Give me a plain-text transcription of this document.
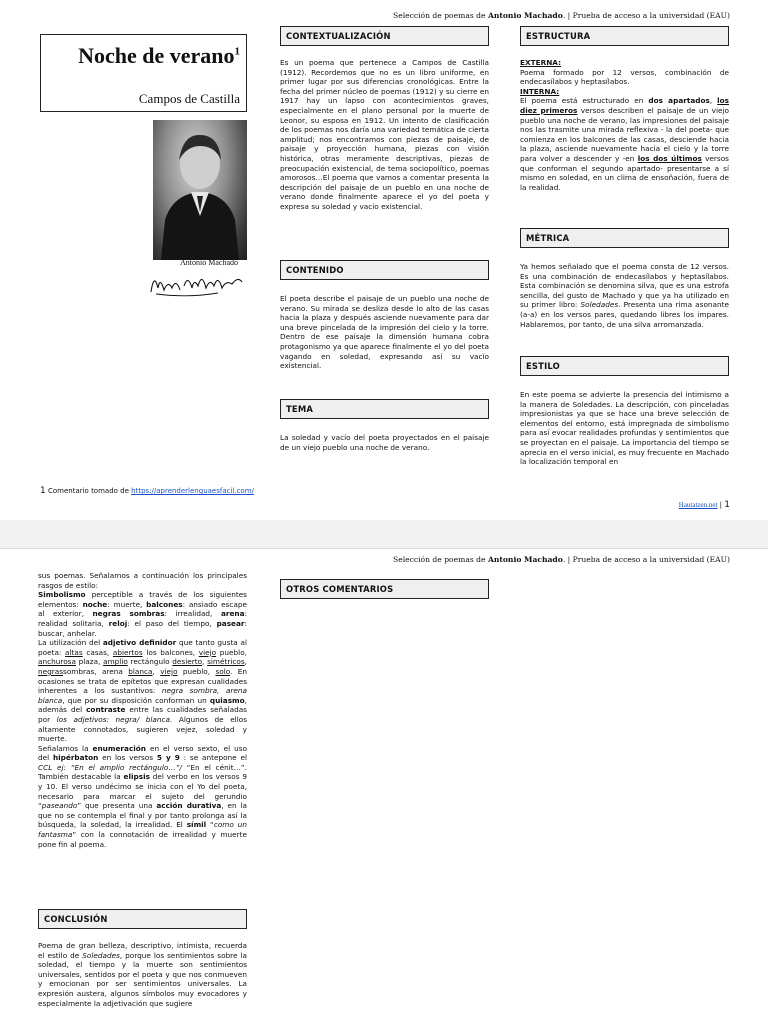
Selección de poemas de Antonio Machado. | Prueba de acceso a la universidad (EAU)
Noche de verano$^1$
Campos de Castilla
Antonio Machado
CONTEXTUALIZACIÓN
Es un poema que pertenece a Campos de Castilla (1912). Recordemos que no es un libro uniforme, en primer lugar por sus diferencias cronológicas. Entre la fecha del primer núcleo de poemas (1912) y su cierre en 1917 hay un lapso con acontecimientos graves, especialmente en el plano personal por la muerte de Leonor, su esposa en 1912. Un intento de clasificación de los poemas nos daría una variedad temática de cierta amplitud; nos encontramos con piezas de paisaje, de paisaje y proyección humana, piezas con visión histórica, otras meramente descriptivas, piezas de preocupación existencial, de tema sociopolítico, poemas amorosos…El poema que vamos a comentar presenta la descripción del paisaje de un pueblo en una noche de verano donde finalmente aparece el yo del poeta y expresa su soledad y vacío existencial.
CONTENIDO
El poeta describe el paisaje de un pueblo una noche de verano. Su mirada se desliza desde lo alto de las casas hacia la plaza y después asciende nuevamente para dar una breve pincelada de la impresión del cielo y la torre. Dentro de ese paisaje la dimensión humana cobra protagonismo ya que aparece finalmente el yo del poeta vagando en soledad, expresando así su vacío existencial.
TEMA
La soledad y vacío del poeta proyectados en el paisaje de un viejo pueblo una noche de verano.
ESTRUCTURA

EXTERNA:

Poema formado por 12 versos, combinación de endecasílabos y heptasílabos.

INTERNA:

El poema está estructurado en dos apartados, los diez primeros versos describen el paisaje de un viejo pueblo una noche de verano, las impresiones del paisaje nos las trasmite una mirada reflexiva - la del poeta- que comienza en los balcones de las casas, desciende hacia la plaza, asciende nuevamente hacia el cielo y la torre para volver a descender y -en los dos últimos versos que conforman el segundo apartado- presentarse a sí mismo en soledad, en un clima de ensoñación, fuera de la realidad.

MÉTRICA
Ya hemos señalado que el poema consta de 12 versos. Es una combinación de endecasílabos y heptasílabos. Esta combinación se denomina silva, que es una estrofa sencilla, del gusto de Machado y que ya ha utilizado en su primer libro: Soledades. Presenta una rima asonante (a-a) en los versos pares, quedando libres los impares. Hablaremos, por tanto, de una silva arromanzada.
ESTILO
En este poema se advierte la presencia del intimismo a la manera de Soledades. La descripción, con pinceladas impresionistas ya que se hace una breve selección de elementos del entorno, está impregnada de simbolismo para así evocar realidades profundas y sentimientos que se proyectan en el paisaje. La importancia del tiempo se aprecia en el verso inicial, es muy frecuente en Machado la localización temporal en
1 Comentario tomado de https://aprenderlenguaesfacil.com/
Hautatzen.net | 1
Selección de poemas de Antonio Machado. | Prueba de acceso a la universidad (EAU)

sus poemas. Señalamos a continuación los principales rasgos de estilo:

Simbolismo perceptible a través de los siguientes elementos: noche: muerte, balcones: ansiado escape al exterior, negras sombras: irrealidad, arena: realidad solitaria, reloj: el paso del tiempo, pasear: buscar, anhelar.

La utilización del adjetivo definidor que tanto gusta al poeta: altas casas, abiertos los balcones, viejo pueblo, anchurosa plaza, amplio rectángulo desierto, simétricos, negrassombras, arena blanca, viejo pueblo, solo. En ocasiones se trata de epítetos que expresan cualidades inherentes a los sustantivos: negra sombra, arena blanca, que por su disposición conforman un quiasmo, además del contraste entre las cualidades señaladas por los adjetivos: negra/ blanca. Algunos de ellos altamente connotados, sugieren vejez, soledad y muerte.

Señalamos la enumeración en el verso sexto, el uso del hipérbaton en los versos 5 y 9 : se antepone el CCL ej: “En el amplio rectángulo…”/ “En el cénit…”. También destacable la elipsis del verbo en los versos 9 y 10. El verso undécimo se inicia con el Yo del poeta, necesario para marcar el sujeto del gerundio “paseando” que presenta una acción durativa, en la que no se contempla el final y por tanto prolonga así la búsqueda, la soledad, la irrealidad. El símil “como un fantasma” con la connotación de irrealidad y muerte pone fin al poema.

OTROS COMENTARIOS
CONCLUSIÓN
Poema de gran belleza, descriptivo, intimista, recuerda el estilo de Soledades, porque los sentimientos sobre la soledad, el tiempo y la muerte son sentimientos universales, sentidos por el poeta y que nos conmueven y emocionan por ser sentimientos universales. La expresión austera, algunos símbolos muy evocadores y especialmente la adjetivación que sugiere
